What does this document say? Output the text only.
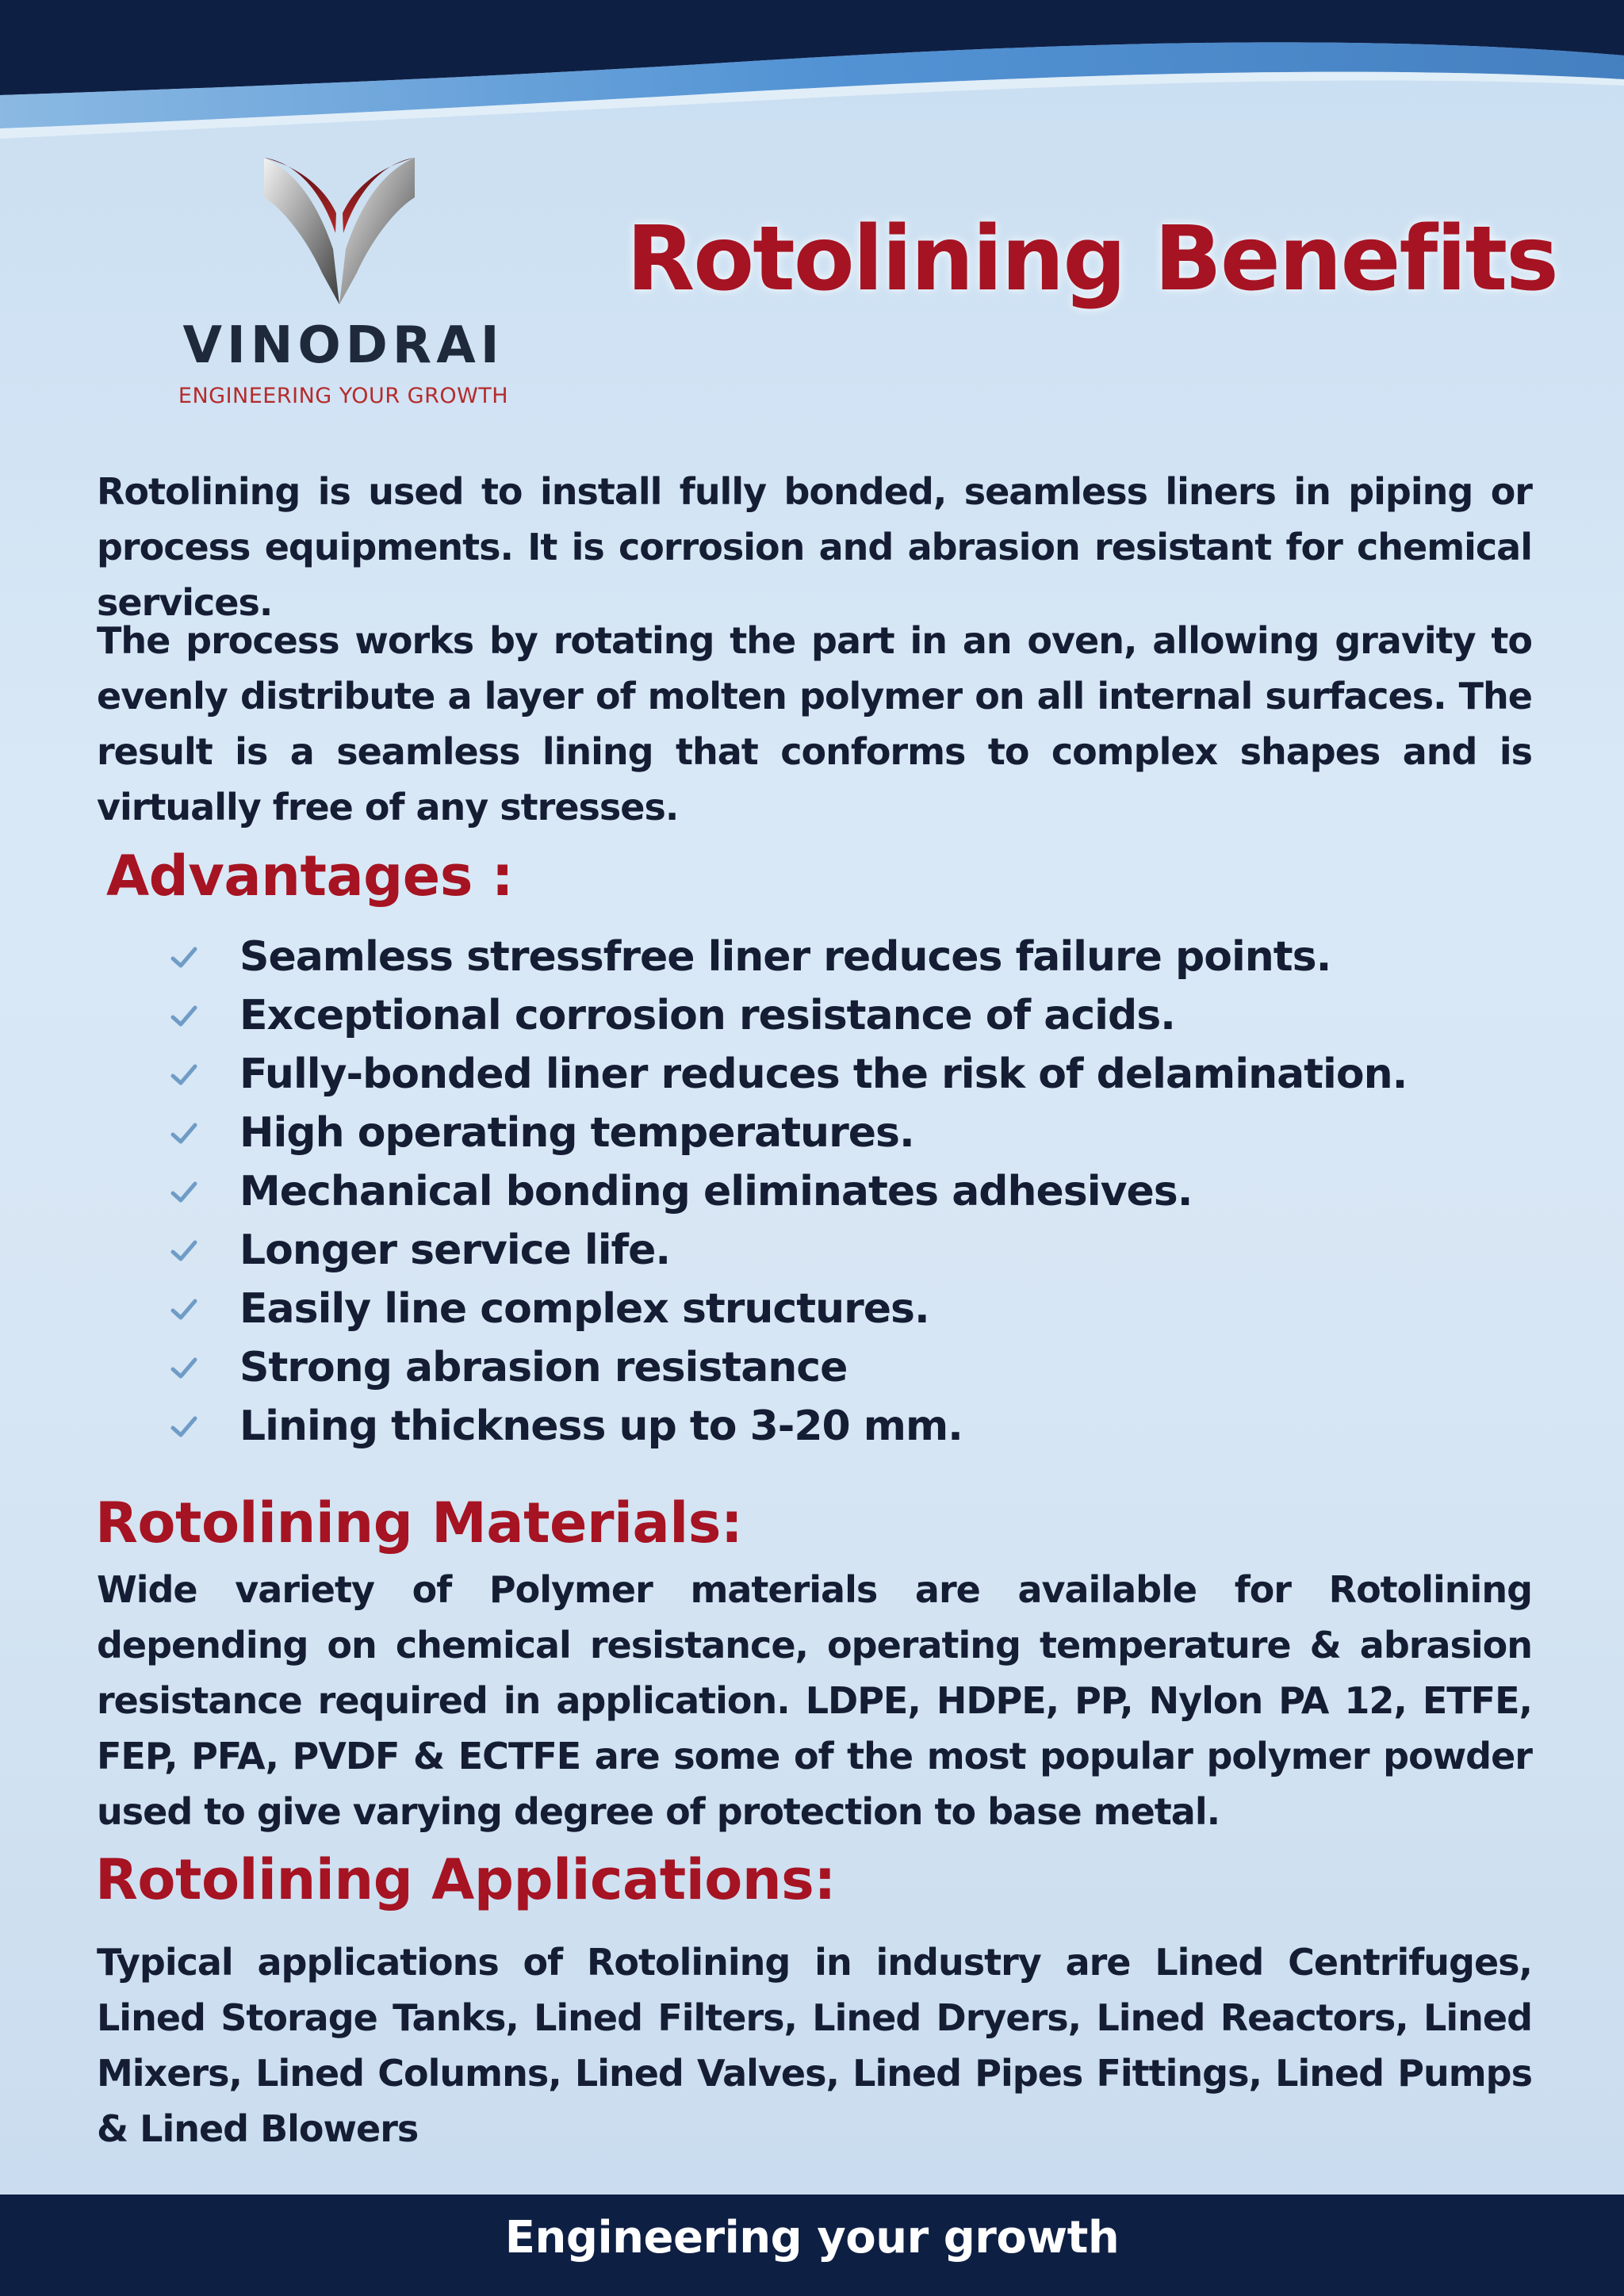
VINODRAI
ENGINEERING YOUR GROWTH
Rotolining Benefits
Rotolining is used to install fully bonded, seamless liners in piping or process equipments. It is corrosion and abrasion resistant for chemical services.
The process works by rotating the part in an oven, allowing gravity to evenly distribute a layer of molten polymer on all internal surfaces. The result is a seamless lining that conforms to complex shapes and is virtually free of any stresses.
Advantages :
Seamless stressfree liner reduces failure points.
Exceptional corrosion resistance of acids.
Fully-bonded liner reduces the risk of delamination.
High operating temperatures.
Mechanical bonding eliminates adhesives.
Longer service life.
Easily line complex structures.
Strong abrasion resistance
Lining thickness up to 3-20 mm.
Rotolining Materials:
Wide variety of Polymer materials are available for Rotolining depending on chemical resistance, operating temperature & abrasion resistance required in application. LDPE, HDPE, PP, Nylon PA 12, ETFE, FEP, PFA, PVDF & ECTFE are some of the most popular polymer powder used to give varying degree of protection to base metal.
Rotolining Applications:
Typical applications of Rotolining in industry are Lined Centrifuges, Lined Storage Tanks, Lined Filters, Lined Dryers, Lined Reactors, Lined Mixers, Lined Columns, Lined Valves, Lined Pipes Fittings, Lined Pumps & Lined Blowers
Engineering your growth
